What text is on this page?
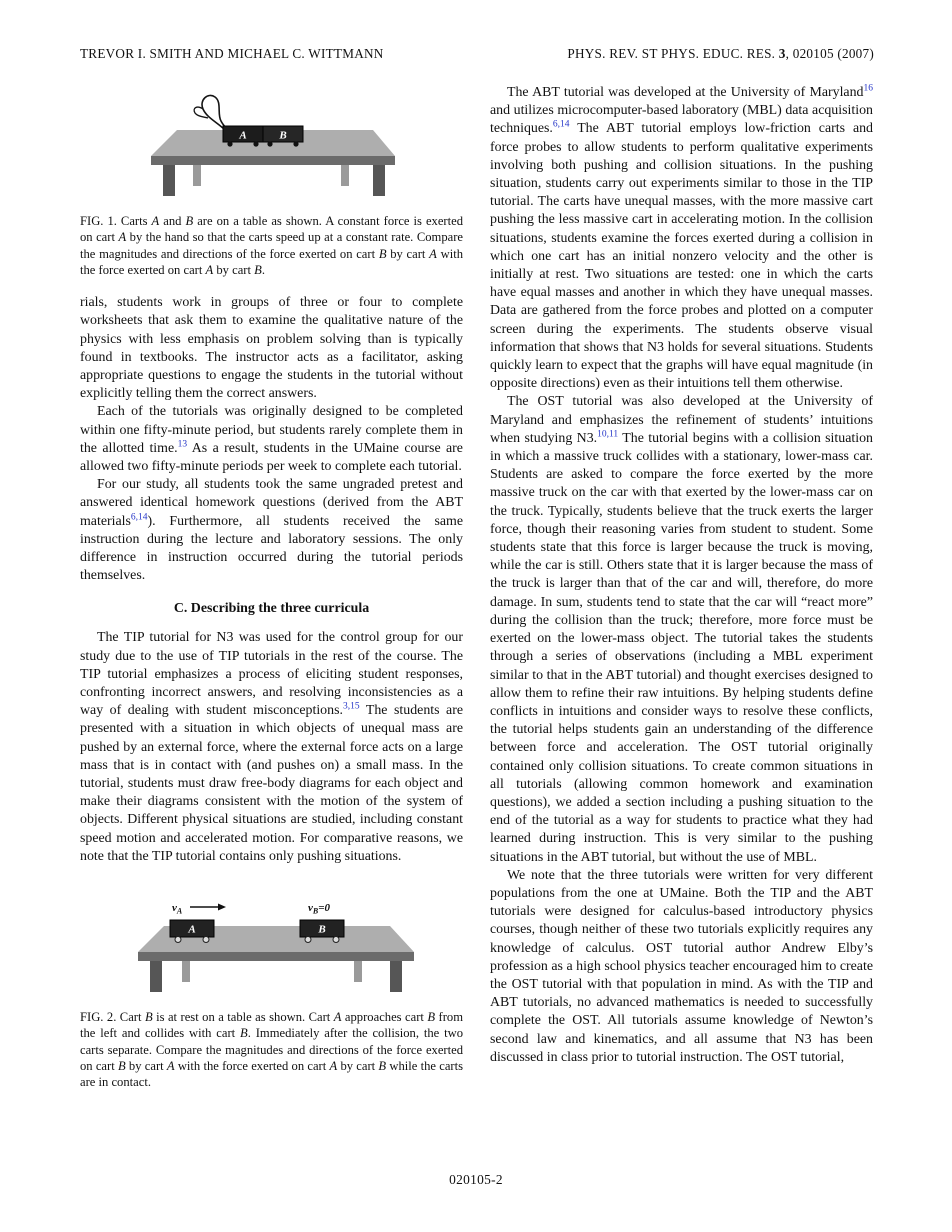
TREVOR I. SMITH AND MICHAEL C. WITTMANN	PHYS. REV. ST PHYS. EDUC. RES. 3, 020105 (2007)
A	B

FIG. 1. Carts A and B are on a table as shown. A constant force is exerted on cart A by the hand so that the carts speed up at a constant rate. Compare the magnitudes and directions of the force exerted on cart B by cart A with the force exerted on cart A by cart B.

rials, students work in groups of three or four to complete worksheets that ask them to examine the qualitative nature of the physics with less emphasis on problem solving than is typically found in textbooks. The instructor acts as a facilitator, asking appropriate questions to engage the students in the tutorial without explicitly telling them the correct answers.

Each of the tutorials was originally designed to be completed within one fifty-minute period, but students rarely complete them in the allotted time.$^{13}$ As a result, students in the UMaine course are allowed two fifty-minute periods per week to complete each tutorial.

For our study, all students took the same ungraded pretest and answered identical homework questions (derived from the ABT materials$^{6,14}$). Furthermore, all students received the same instruction during the lecture and laboratory sessions. The only difference in instruction occurred during the tutorial periods themselves.

C. Describing the three curricula

The TIP tutorial for N3 was used for the control group for our study due to the use of TIP tutorials in the rest of the course. The TIP tutorial emphasizes a process of eliciting student responses, confronting incorrect answers, and resolving inconsistencies as a way of dealing with student misconceptions.$^{3,15}$ The students are presented with a situation in which objects of unequal mass are pushed by an external force, where the external force acts on a large mass that is in contact with (and pushes on) a small mass. In the tutorial, students must draw free-body diagrams for each object and make their diagrams consistent with the motion of the system of objects. Different physical situations are studied, including constant speed motion and accelerated motion. For comparative reasons, we note that the TIP tutorial contains only pushing situations.

$v_A$	$v_B=0$
A	B

FIG. 2. Cart B is at rest on a table as shown. Cart A approaches cart B from the left and collides with cart B. Immediately after the collision, the two carts separate. Compare the magnitudes and directions of the force exerted on cart B by cart A with the force exerted on cart A by cart B while the carts are in contact.

The ABT tutorial was developed at the University of Maryland$^{16}$ and utilizes microcomputer-based laboratory (MBL) data acquisition techniques.$^{6,14}$ The ABT tutorial employs low-friction carts and force probes to allow students to perform qualitative experiments involving both pushing and collision situations. In the pushing situation, students carry out experiments similar to those in the TIP tutorial. The carts have unequal masses, with the more massive cart pushing the less massive cart in accelerating motion. In the collision situations, students examine the forces exerted during a collision in which one cart has an initial nonzero velocity and the other is initially at rest. Two situations are tested: one in which the carts have equal masses and another in which they have unequal masses. Data are gathered from the force probes and plotted on a computer screen during the experiments. The students observe visual information that shows that N3 holds for several situations. Students quickly learn to expect that the graphs will have equal magnitude (in opposite directions) even as their intuitions tell them otherwise.

The OST tutorial was also developed at the University of Maryland and emphasizes the refinement of students’ intuitions when studying N3.$^{10,11}$ The tutorial begins with a collision situation in which a massive truck collides with a stationary, lower-mass car. Students are asked to compare the force exerted by the more massive truck on the car with that exerted by the lower-mass car on the truck. Typically, students believe that the truck exerts the larger force, though their reasoning varies from student to student. Some students state that this force is larger because the truck is moving, while the car is still. Others state that it is larger because the mass of the truck is larger than that of the car and will, therefore, do more damage. In sum, students tend to state that the car will “react more” during the collision than the truck; therefore, more force must be exerted on the lower-mass object. The tutorial takes the students through a series of observations (including a MBL experiment similar to that in the ABT tutorial) and thought exercises designed to allow them to refine their raw intuitions. By helping students define conflicts in intuitions and consider ways to resolve these conflicts, the tutorial helps students gain an understanding of the difference between force and acceleration. The OST tutorial originally contained only collision situations. To create common situations in all tutorials (allowing common homework and examination questions), we added a section including a pushing situation to the end of the tutorial as a way for students to practice what they had learned during instruction. This is very similar to the pushing situations in the ABT tutorial, but without the use of MBL.

We note that the three tutorials were written for very different populations from the one at UMaine. Both the TIP and the ABT tutorials were designed for calculus-based introductory physics courses, though neither of these two tutorials explicitly requires any knowledge of calculus. OST tutorial author Andrew Elby’s profession as a high school physics teacher encouraged him to create the OST tutorial with that population in mind. As with the TIP and ABT tutorials, no advanced mathematics is needed to successfully complete the OST. All tutorials assume knowledge of Newton’s second law and kinematics, and all assume that N3 has been discussed in class prior to tutorial instruction. The OST tutorial,

020105-2
